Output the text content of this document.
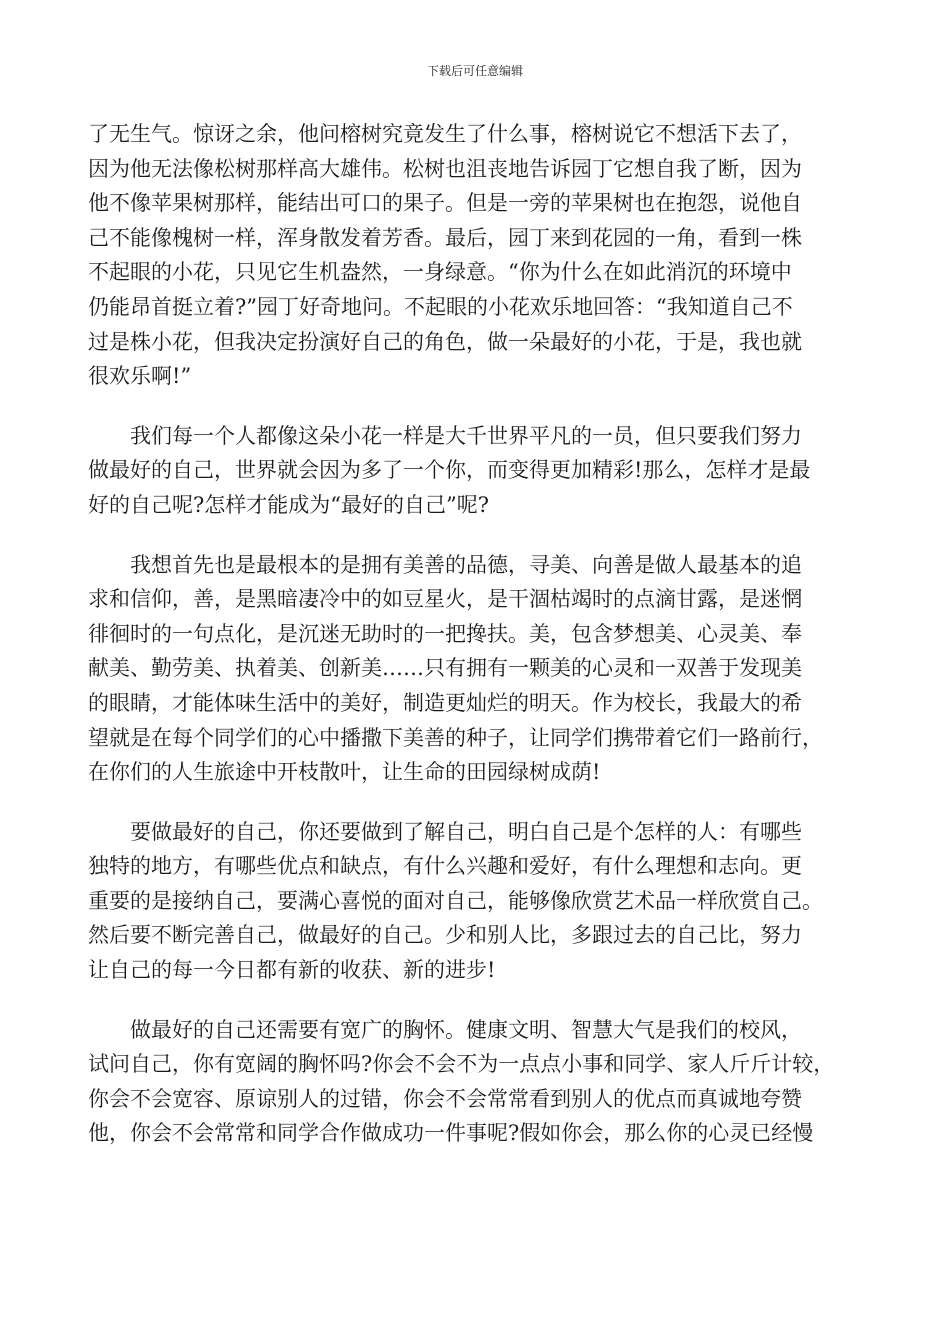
下载后可任意编辑

了无生气。惊讶之余，他问榕树究竟发生了什么事，榕树说它不想活下去了，
因为他无法像松树那样高大雄伟。松树也沮丧地告诉园丁它想自我了断，因为
他不像苹果树那样，能结出可口的果子。但是一旁的苹果树也在抱怨，说他自
己不能像槐树一样，浑身散发着芳香。最后，园丁来到花园的一角，看到一株
不起眼的小花，只见它生机盎然，一身绿意。“你为什么在如此消沉的环境中
仍能昂首挺立着?”园丁好奇地问。不起眼的小花欢乐地回答：“我知道自己不
过是株小花，但我决定扮演好自己的角色，做一朵最好的小花，于是，我也就
很欢乐啊!”

我们每一个人都像这朵小花一样是大千世界平凡的一员，但只要我们努力
做最好的自己，世界就会因为多了一个你，而变得更加精彩!那么，怎样才是最
好的自己呢?怎样才能成为“最好的自己”呢?

我想首先也是最根本的是拥有美善的品德，寻美、向善是做人最基本的追
求和信仰，善，是黑暗凄冷中的如豆星火，是干涸枯竭时的点滴甘露，是迷惘
徘徊时的一句点化，是沉迷无助时的一把搀扶。美，包含梦想美、心灵美、奉
献美、勤劳美、执着美、创新美……只有拥有一颗美的心灵和一双善于发现美
的眼睛，才能体味生活中的美好，制造更灿烂的明天。作为校长，我最大的希
望就是在每个同学们的心中播撒下美善的种子，让同学们携带着它们一路前行，
在你们的人生旅途中开枝散叶，让生命的田园绿树成荫!

要做最好的自己，你还要做到了解自己，明白自己是个怎样的人：有哪些
独特的地方，有哪些优点和缺点，有什么兴趣和爱好，有什么理想和志向。更
重要的是接纳自己，要满心喜悦的面对自己，能够像欣赏艺术品一样欣赏自己。
然后要不断完善自己，做最好的自己。少和别人比，多跟过去的自己比，努力
让自己的每一今日都有新的收获、新的进步!

做最好的自己还需要有宽广的胸怀。健康文明、智慧大气是我们的校风，
试问自己，你有宽阔的胸怀吗?你会不会不为一点点小事和同学、家人斤斤计较，
你会不会宽容、原谅别人的过错，你会不会常常看到别人的优点而真诚地夸赞
他，你会不会常常和同学合作做成功一件事呢?假如你会，那么你的心灵已经慢
